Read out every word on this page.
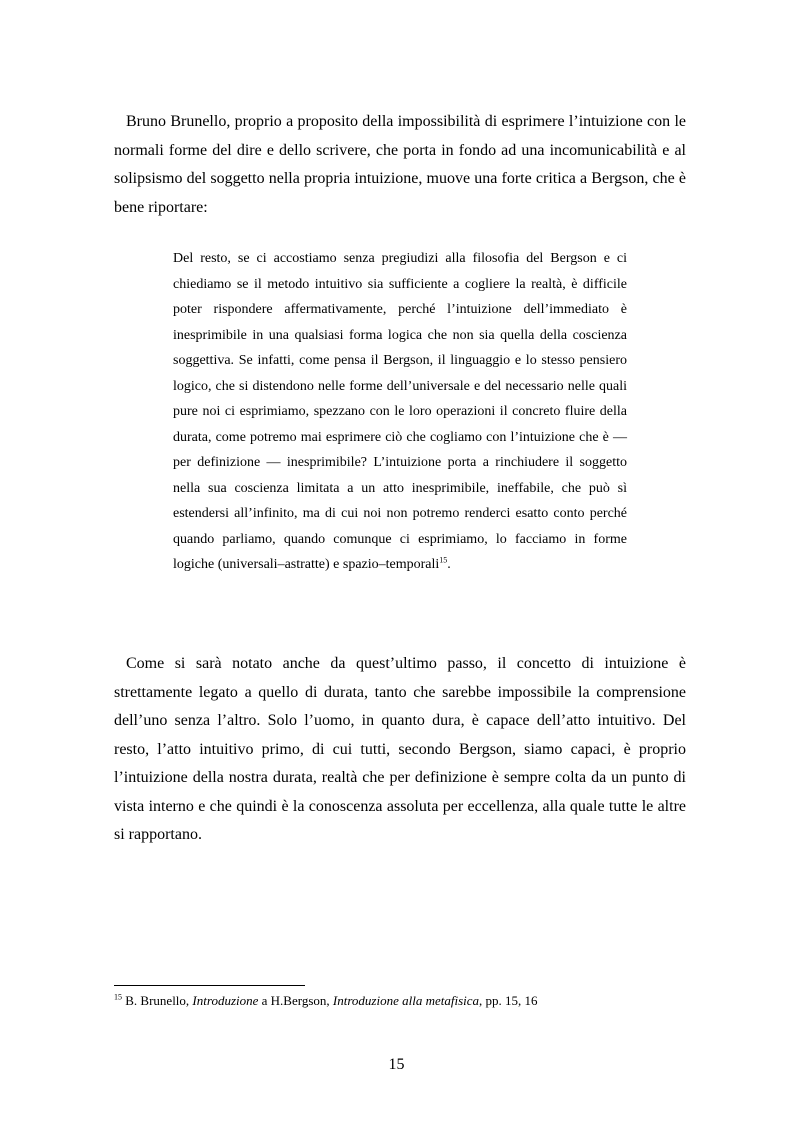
Bruno Brunello, proprio a proposito della impossibilità di esprimere l’intuizione con le normali forme del dire e dello scrivere, che porta in fondo ad una incomunicabilità e al solipsismo del soggetto nella propria intuizione, muove una forte critica a Bergson, che è bene riportare:

Del resto, se ci accostiamo senza pregiudizi alla filosofia del Bergson e ci chiediamo se il metodo intuitivo sia sufficiente a cogliere la realtà, è difficile poter rispondere affermativamente, perché l’intuizione dell’immediato è inesprimibile in una qualsiasi forma logica che non sia quella della coscienza soggettiva. Se infatti, come pensa il Bergson, il linguaggio e lo stesso pensiero logico, che si distendono nelle forme dell’universale e del necessario nelle quali pure noi ci esprimiamo, spezzano con le loro operazioni il concreto fluire della durata, come potremo mai esprimere ciò che cogliamo con l’intuizione che è — per definizione — inesprimibile? L’intuizione porta a rinchiudere il soggetto nella sua coscienza limitata a un atto inesprimibile, ineffabile, che può sì estendersi all’infinito, ma di cui noi non potremo renderci esatto conto perché quando parliamo, quando comunque ci esprimiamo, lo facciamo in forme logiche (universali–astratte) e spazio–temporali$^{15}$.

Come si sarà notato anche da quest’ultimo passo, il concetto di intuizione è strettamente legato a quello di durata, tanto che sarebbe impossibile la comprensione dell’uno senza l’altro. Solo l’uomo, in quanto dura, è capace dell’atto intuitivo. Del resto, l’atto intuitivo primo, di cui tutti, secondo Bergson, siamo capaci, è proprio l’intuizione della nostra durata, realtà che per definizione è sempre colta da un punto di vista interno e che quindi è la conoscenza assoluta per eccellenza, alla quale tutte le altre si rapportano.

$^{15}$ B. Brunello, Introduzione a H.Bergson, Introduzione alla metafisica, pp. 15, 16

15
